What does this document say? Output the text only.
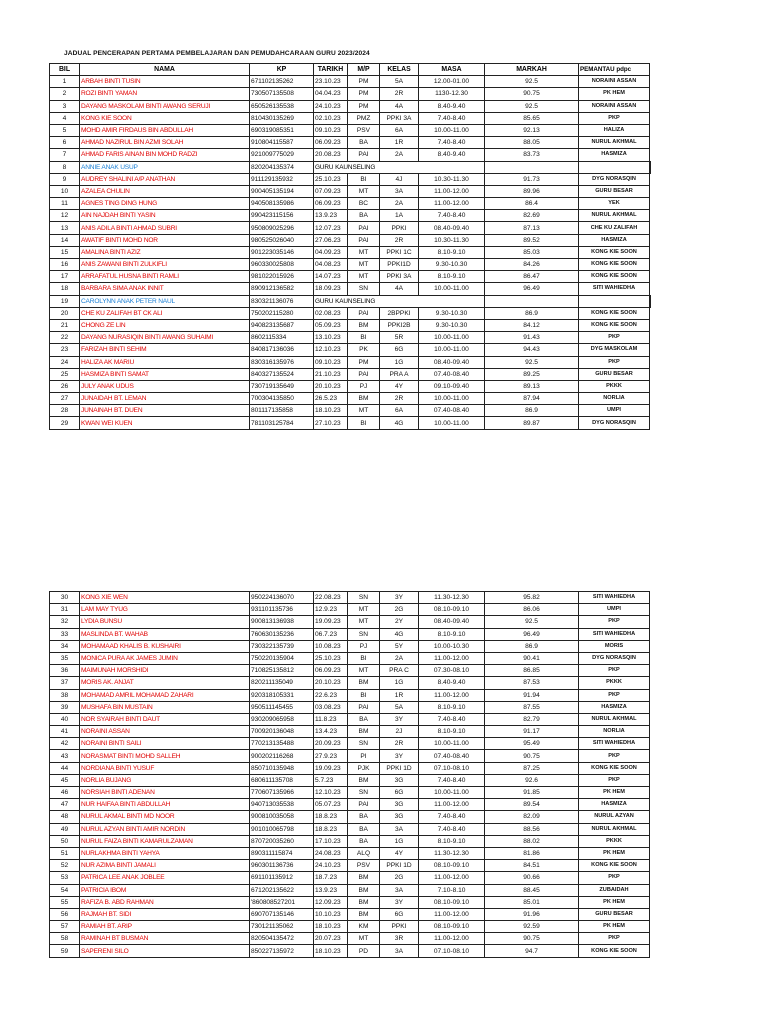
JADUAL PENCERAPAN PERTAMA PEMBELAJARAN DAN PEMUDAHCARAAN GURU 2023/2024
BIL	NAMA	KP	TARIKH	M/P	KELAS	MASA	MARKAH	PEMANTAU pdpc	
1	ARBAH BINTI TUSIN	671102135262	23.10.23	PM	5A	12.00-01.00	92.5	NORAINI ASSAN	
2	ROZI BINTI YAMAN	730507135508	04.04.23	PM	2R	1130-12.30	90.75	PK HEM	
3	DAYANG MASKOLAM BINTI AWANG SERUJI	650526135538	24.10.23	PM	4A	8.40-9.40	92.5	NORAINI ASSAN	
4	KONG KIE SOON	810430135269	02.10.23	PMZ	PPKI 3A	7.40-8.40	85.65	PKP	
5	MOHD AMIR FIRDAUS BIN ABDULLAH	690319085351	09.10.23	PSV	6A	10.00-11.00	92.13	HALIZA	
6	AHMAD NAZIRUL BIN AZMI SOLAH	910804115587	06.09.23	BA	1R	7.40-8.40	88.05	NURUL AKHMAL	
7	AHMAD FARIS AINAN BIN MOHD RADZI	921009775029	20.08.23	PAI	2A	8.40-9.40	83.73	HASMIZA	
8	ANNIE ANAK USUP	820204135374	GURU KAUNSELING						
9	AUDREY SHALINI A/P ANATHAN	911129135932	25.10.23	BI	4J	10.30-11.30	91.73	DYG NORASQIN	
10	AZALEA CHULIN	900405135194	07.09.23	MT	3A	11.00-12.00	89.96	GURU BESAR	
11	AGNES TING DING HUNG	940508135986	06.09.23	BC	2A	11.00-12.00	86.4	YEK	
12	AIN NAJDAH BINTI YASIN	990423115156	13.9.23	BA	1A	7.40-8.40	82.69	NURUL AKHMAL	
13	ANIS ADILA BINTI AHMAD SUBRI	950809025296	12.07.23	PAI	PPKI	08.40-09.40	87.13	CHE KU ZALIFAH	
14	AWATIF BINTI MOHD NOR	980525026040	27.06.23	PAI	2R	10.30-11.30	89.52	HASMIZA	
15	AMALINA BINTI AZIZ	901223035146	04.09.23	MT	PPKI 1C	8.10-9.10	85.03	KONG KIE SOON	
16	ANIS ZAWANI BINTI ZULKIFLI	960330025808	04.08.23	MT	PPKI1D	9.30-10.30	84.26	KONG KIE SOON	
17	ARRAFATUL HUSNA BINTI RAMLI	981022015926	14.07.23	MT	PPKI 3A	8.10-9.10	86.47	KONG KIE SOON	
18	BARBARA SIMA ANAK INNIT	890912136582	18.09.23	SN	4A	10.00-11.00	96.49	SITI WAHIEDHA	
19	CAROLYNN ANAK PETER NAUL	830321136076	GURU KAUNSELING						
20	CHE KU ZALIFAH BT CK ALI	750202115280	02.08.23	PAI	2BPPKI	9.30-10.30	86.9	KONG KIE SOON	
21	CHONG ZE LIN	940823135687	05.09.23	BM	PPKI2B	9.30-10.30	84.12	KONG KIE SOON	
22	DAYANG NURASIQIN BINTI AWANG SUHAIMI	8602115334	13.10.23	BI	5R	10.00-11.00	91.43	PKP	
23	FARIZAH BINTI SEHIM	840817136036	12.10.23	PK	6G	10.00-11.00	94.43	DYG MASKOLAM	
24	HALIZA AK MARIU	830316135976	09.10.23	PM	1G	08.40-09.40	92.5	PKP	
25	HASMIZA BINTI SAMAT	840327135524	21.10.23	PAI	PRA A	07.40-08.40	89.25	GURU BESAR	
26	JULY ANAK UDUS	730719135649	20.10.23	PJ	4Y	09.10-09.40	89.13	PKKK	
27	JUNAIDAH BT. LEMAN	700304135850	26.5.23	BM	2R	10.00-11.00	87.94	NORLIA	
28	JUNAINAH BT. DUEN	801117135858	18.10.23	MT	6A	07.40-08.40	86.9	UMPI	
29	KWAN WEI KUEN	781103125784	27.10.23	BI	4G	10.00-11.00	89.87	DYG NORASQIN	
30	KONG XIE WEN	950224136070	22.08.23	SN	3Y	11.30-12.30	95.82	SITI WAHIEDHA
31	LAM MAY TYUG	931101135736	12.9.23	MT	2G	08.10-09.10	86.06	UMPI
32	LYDIA BUNSU	900813136938	19.09.23	MT	2Y	08.40-09.40	92.5	PKP
33	MASLINDA BT. WAHAB	760630135236	06.7.23	SN	4G	8.10-9.10	96.49	SITI WAHIEDHA
34	MOHAMAAD KHALIS B. KUSHAIRI	730322135739	10.08.23	PJ	5Y	10.00-10.30	86.9	MORIS
35	MONICA PURA AK JAMES JUMIN	750220135904	25.10.23	BI	2A	11.00-12.00	90.41	DYG NORASQIN
36	MAIMUNAH MORSHIDI	710825135812	06.09.23	MT	PRA C	07.30-08.10	86.85	PKP
37	MORIS AK. ANJAT	820211135049	20.10.23	BM	1G	8.40-9.40	87.53	PKKK
38	MOHAMAD AMRIL MOHAMAD ZAHARI	920318105331	22.6.23	BI	1R	11.00-12.00	91.94	PKP
39	MUSHAFA BIN MUSTAIN	950511145455	03.08.23	PAI	5A	8.10-9.10	87.55	HASMIZA
40	NOR SYAIRAH BINTI DAUT	930209065958	11.8.23	BA	3Y	7.40-8.40	82.79	NURUL AKHMAL
41	NORAINI ASSAN	700920136048	13.4.23	BM	2J	8.10-9.10	91.17	NORLIA
42	NORAINI BINTI SAILI	770213135488	20.09.23	SN	2R	10.00-11.00	95.49	SITI WAHIEDHA
43	NORASMAT BINTI MOHD SALLEH	900202116268	27.9.23	PI	3Y	07.40-08.40	90.75	PKP
44	NORDIANA BINTI YUSUF	850710135948	19.09.23	PJK	PPKI 1D	07.10-08.10	87.25	KONG KIE SOON
45	NORLIA BUJANG	680611135708	5.7.23	BM	3G	7.40-8.40	92.6	PKP
46	NORSIAH BINTI ADENAN	770607135966	12.10.23	SN	6G	10.00-11.00	91.85	PK HEM
47	NUR HAIFAA BINTI ABDULLAH	940713035538	05.07.23	PAI	3G	11.00-12.00	89.54	HASMIZA
48	NURUL AKMAL BINTI MD NOOR	900810035058	18.8.23	BA	3G	7.40-8.40	82.09	NURUL AZYAN
49	NURUL AZYAN BINTI AMIR NORDIN	901010065798	18.8.23	BA	3A	7.40-8.40	88.56	NURUL AKHMAL
50	NURUL FAIZA BINTI KAMARULZAMAN	870720035260	17.10.23	BA	1G	8.10-9.10	88.02	PKKK
51	NURLAKHMA BINTI YAHYA	890311115874	24.08.23	ALQ	4Y	11.30-12.30	81.86	PK HEM
52	NUR AZIMA BINTI JAMALI	960301136736	24.10.23	PSV	PPKI 1D	08.10-09.10	84.51	KONG KIE SOON
53	PATRICA LEE ANAK JOBLEE	691101135912	18.7.23	BM	2G	11.00-12.00	90.66	PKP
54	PATRICIA IBOM	671202135622	13.9.23	BM	3A	7.10-8.10	88.45	ZUBAIDAH
55	RAFIZA B. ABD RAHMAN	'860808527201	12.09.23	BM	3Y	08.10-09.10	85.01	PK HEM
56	RAJMAH BT. SIDI	690707135146	10.10.23	BM	6G	11.00-12.00	91.96	GURU BESAR
57	RAMIAH BT. ARIP	730121135062	18.10.23	KM	PPKI	08.10-09.10	92.59	PK HEM
58	RAMINAH BT BUSMAN	820504135472	20.07.23	MT	3R	11.00-12.00	90.75	PKP
59	SAPERENI SILO	850227135972	18.10.23	PD	3A	07.10-08.10	94.7	KONG KIE SOON
